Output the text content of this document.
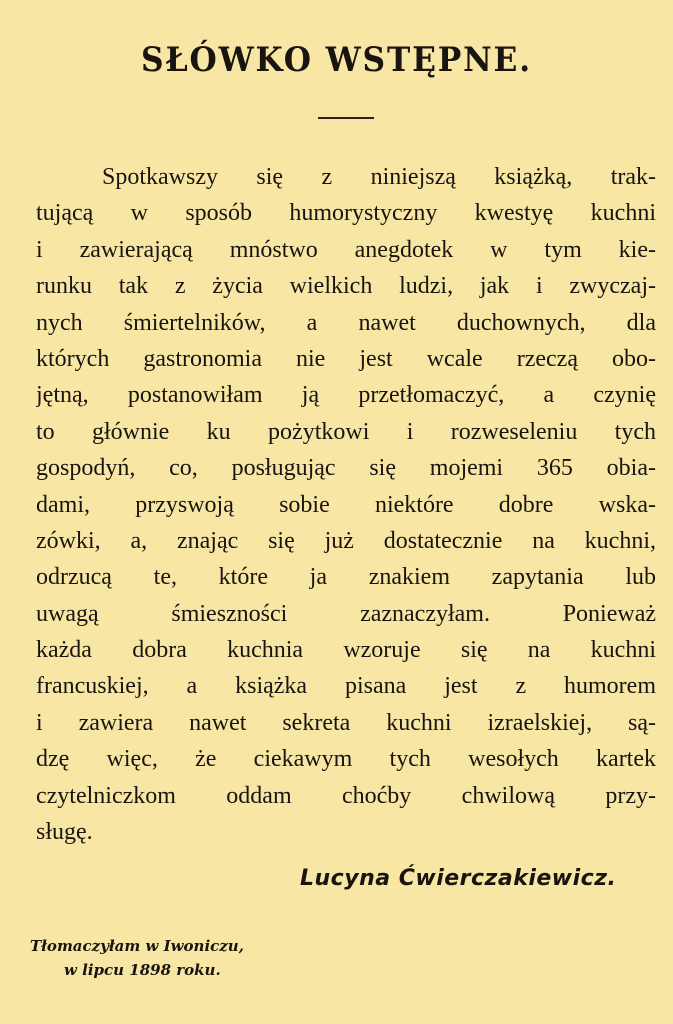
SŁÓWKO WSTĘPNE.
Spotkawszy się z niniejszą książką, trak-
tującą w sposób humorystyczny kwestyę kuchni
i zawierającą mnóstwo anegdotek w tym kie-
runku tak z życia wielkich ludzi, jak i zwyczaj-
nych śmiertelników, a nawet duchownych, dla
których gastronomia nie jest wcale rzeczą obo-
jętną, postanowiłam ją przetłomaczyć, a czynię
to głównie ku pożytkowi i rozweseleniu tych
gospodyń, co, posługując się mojemi 365 obia-
dami, przyswoją sobie niektóre dobre wska-
zówki, a, znając się już dostatecznie na kuchni,
odrzucą te, które ja znakiem zapytania lub
uwagą śmieszności zaznaczyłam. Ponieważ
każda dobra kuchnia wzoruje się na kuchni
francuskiej, a książka pisana jest z humorem
i zawiera nawet sekreta kuchni izraelskiej, są-
dzę więc, że ciekawym tych wesołych kartek
czytelniczkom oddam choćby chwilową przy-
sługę.
Lucyna Ćwierczakiewicz.
Tłomaczyłam w Iwoniczu,
w lipcu 1898 roku.
